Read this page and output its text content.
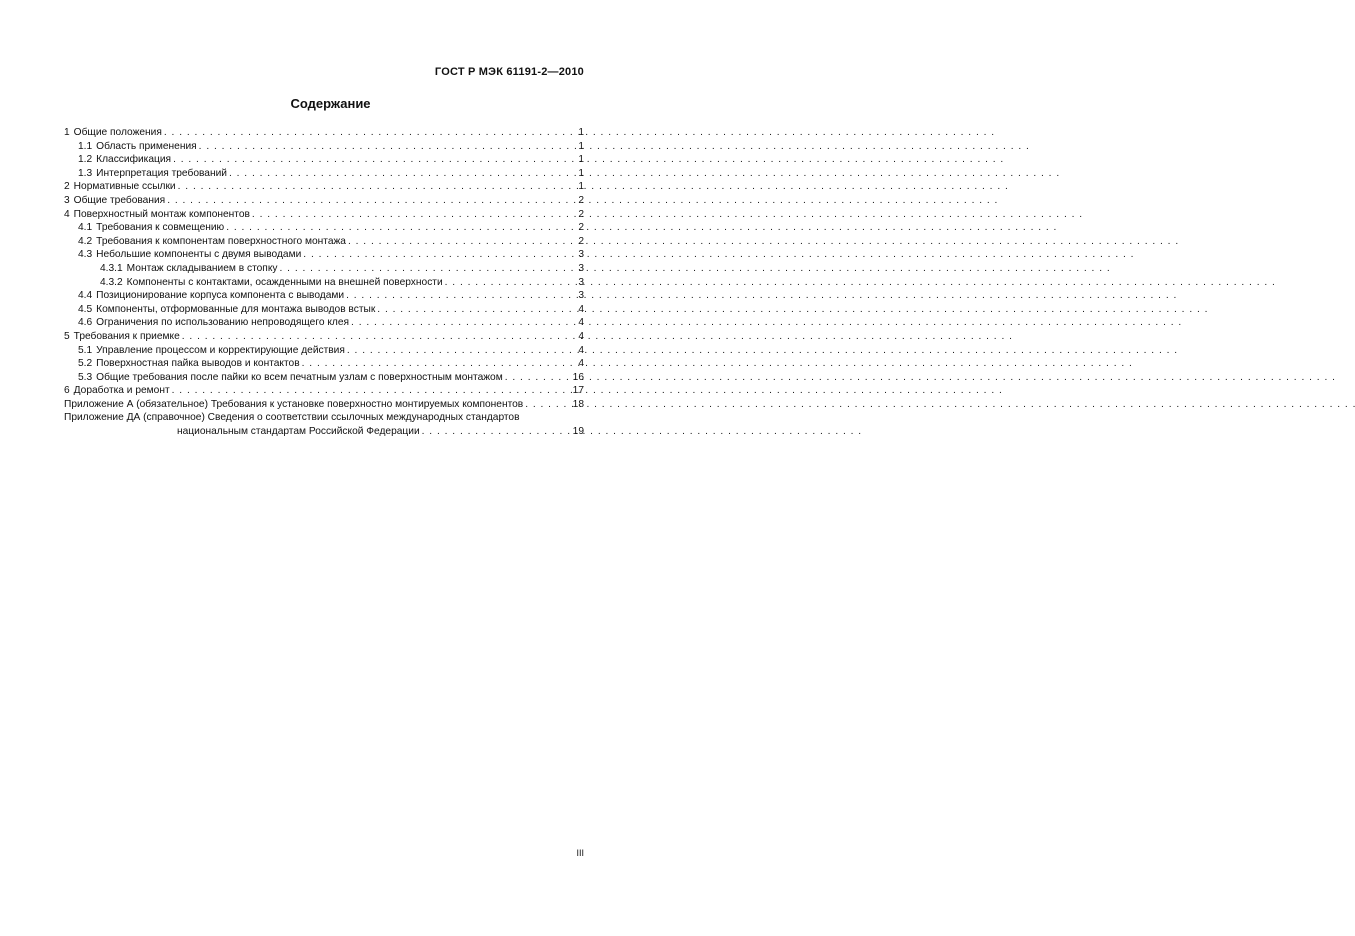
ГОСТ Р МЭК 61191-2—2010
Содержание
1 Общие положения . . .	1
1.1 Область применения . . .	1
1.2 Классификация . . .	1
1.3 Интерпретация требований . . .	1
2 Нормативные ссылки . . .	1
3 Общие требования . . .	2
4 Поверхностный монтаж компонентов . . .	2
4.1 Требования к совмещению . . .	2
4.2 Требования к компонентам поверхностного монтажа . . .	2
4.3 Небольшие компоненты с двумя выводами . . .	3
4.3.1 Монтаж складыванием в стопку . . .	3
4.3.2 Компоненты с контактами, осажденными на внешней поверхности . . .	3
4.4 Позиционирование корпуса компонента с выводами . . .	3
4.5 Компоненты, отформованные для монтажа выводов встык . . .	4
4.6 Ограничения по использованию непроводящего клея . . .	4
5 Требования к приемке . . .	4
5.1 Управление процессом и корректирующие действия . . .	4
5.2 Поверхностная пайка выводов и контактов . . .	4
5.3 Общие требования после пайки ко всем печатным узлам с поверхностным монтажом . . .	16
6 Доработка и ремонт . . .	17
Приложение А (обязательное) Требования к установке поверхностно монтируемых компонентов . . .	18
Приложение ДА (справочное) Сведения о соответствии ссылочных международных стандартов
национальным стандартам Российской Федерации . . .	19
III
